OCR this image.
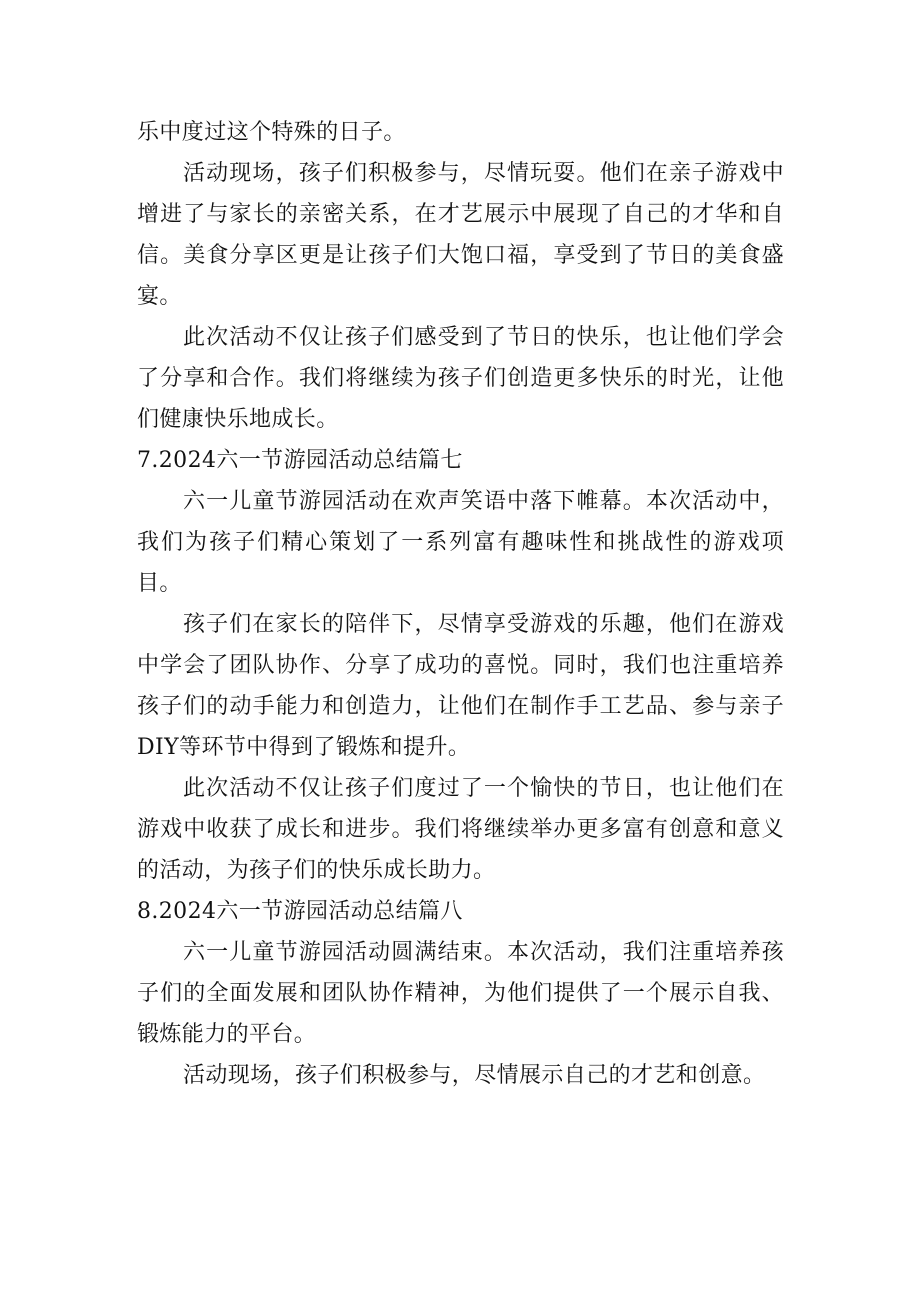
乐中度过这个特殊的日子。

活动现场，孩子们积极参与，尽情玩耍。他们在亲子游戏中增进了与家长的亲密关系，在才艺展示中展现了自己的才华和自信。美食分享区更是让孩子们大饱口福，享受到了节日的美食盛宴。

此次活动不仅让孩子们感受到了节日的快乐，也让他们学会了分享和合作。我们将继续为孩子们创造更多快乐的时光，让他们健康快乐地成长。

7.2024六一节游园活动总结篇七

六一儿童节游园活动在欢声笑语中落下帷幕。本次活动中，我们为孩子们精心策划了一系列富有趣味性和挑战性的游戏项目。

孩子们在家长的陪伴下，尽情享受游戏的乐趣，他们在游戏中学会了团队协作、分享了成功的喜悦。同时，我们也注重培养孩子们的动手能力和创造力，让他们在制作手工艺品、参与亲子DIY等环节中得到了锻炼和提升。

此次活动不仅让孩子们度过了一个愉快的节日，也让他们在游戏中收获了成长和进步。我们将继续举办更多富有创意和意义的活动，为孩子们的快乐成长助力。

8.2024六一节游园活动总结篇八

六一儿童节游园活动圆满结束。本次活动，我们注重培养孩子们的全面发展和团队协作精神，为他们提供了一个展示自我、锻炼能力的平台。

活动现场，孩子们积极参与，尽情展示自己的才艺和创意。
